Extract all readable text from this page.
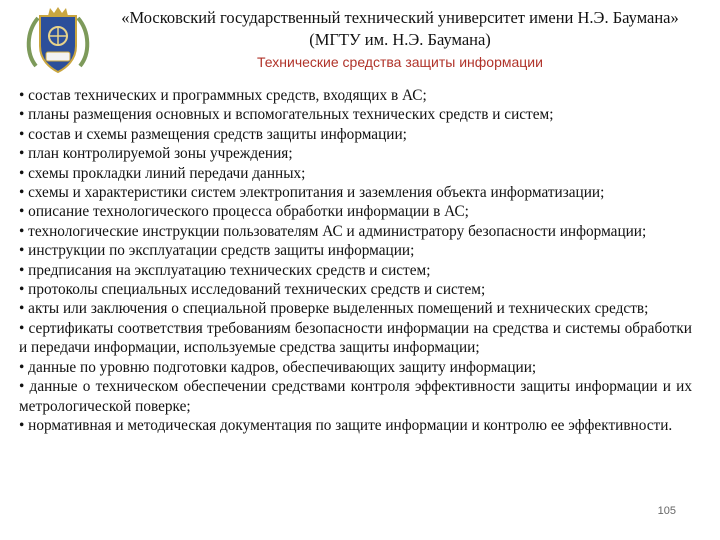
«Московский государственный технический университет имени Н.Э. Баумана»
(МГТУ им. Н.Э. Баумана)
Технические средства защиты информации

• состав технических и программных средств, входящих в АС;

• планы размещения основных и вспомогательных технических средств и систем;

• состав и схемы размещения средств защиты информации;

• план контролируемой зоны учреждения;

• схемы прокладки линий передачи данных;

• схемы и характеристики систем электропитания и заземления объекта информатизации;

• описание технологического процесса обработки информации в АС;

• технологические инструкции пользователям АС и администратору безопасности информации;

• инструкции по эксплуатации средств защиты информации;

• предписания на эксплуатацию технических средств и систем;

• протоколы специальных исследований технических средств и систем;

• акты или заключения о специальной проверке выделенных помещений и технических средств;

• сертификаты соответствия требованиям безопасности информации на средства и системы обработки и передачи информации, используемые средства защиты информации;

• данные по уровню подготовки кадров, обеспечивающих защиту информации;

• данные о техническом обеспечении средствами контроля эффективности защиты информации и их метрологической поверке;

• нормативная и методическая документация по защите информации и контролю ее эффективности.

105
